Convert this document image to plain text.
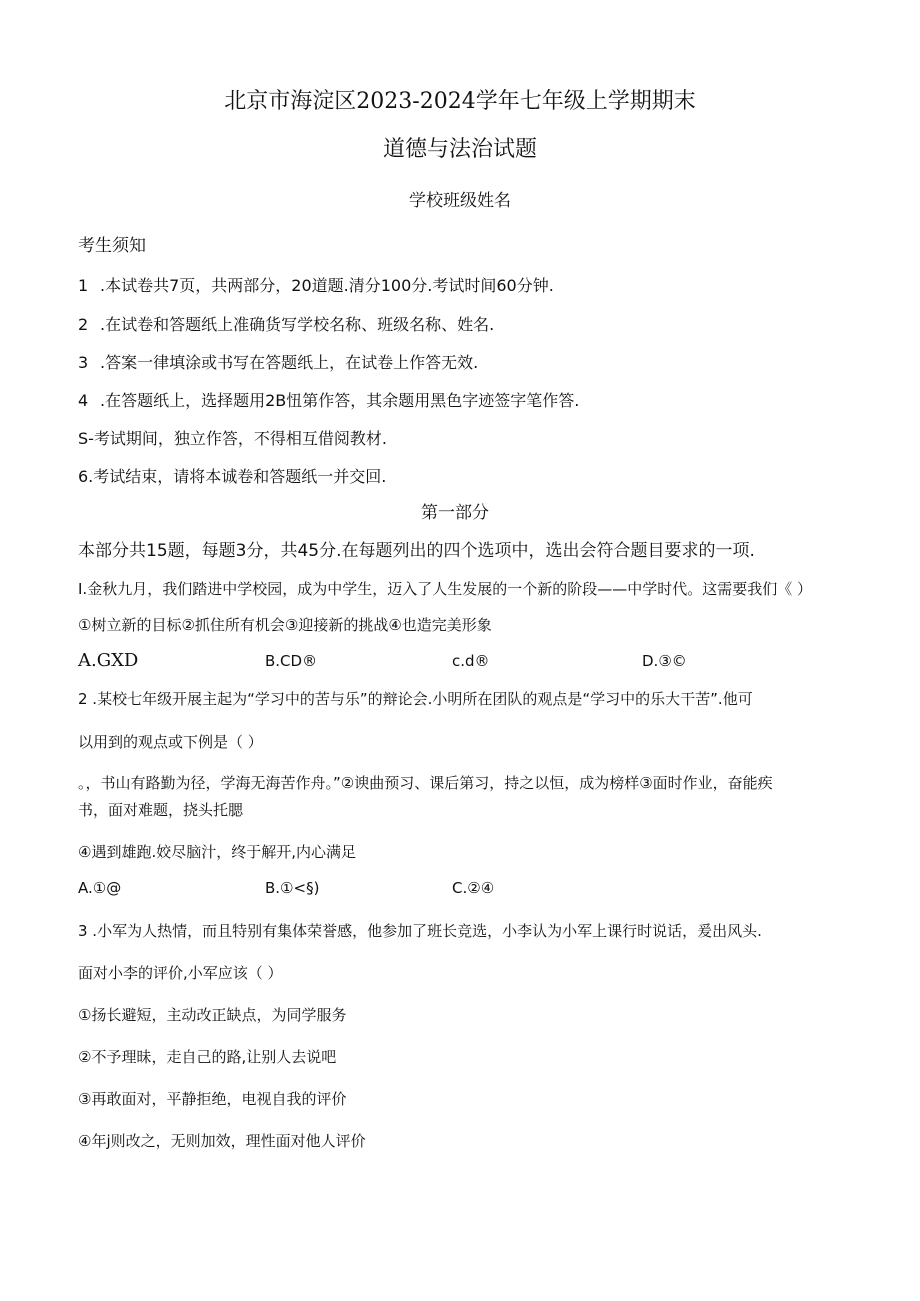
北京市海淀区2023-2024学年七年级上学期期末
道德与法治试题
学校班级姓名
考生须知
1 .本试卷共7页，共两部分，20道题.清分100分.考试时间60分钟.
2 .在试卷和答题纸上准确货写学校名称、班级名称、姓名.
3 .答案一律填涂或书写在答题纸上，在试卷上作答无效.
4 .在答题纸上，选择题用2B忸第作答，其余题用黑色字迹签字笔作答.
S-考试期间，独立作答，不得相互借阅教材.
6.考试结束，请将本诚卷和答题纸一并交回.
第一部分
本部分共15题，每题3分，共45分.在每题列出的四个选项中，选出会符合题目要求的一项.
I.金秋九月，我们踏进中学校园，成为中学生，迈入了人生发展的一个新的阶段——中学时代。这需要我们《 ）
①树立新的目标②抓住所有机会③迎接新的挑战④也造完美形象
A.GXD	B.CD®	c.d®	D.③©
2 .某校七年级开展主起为“学习中的苦与乐”的辩论会.小明所在团队的观点是“学习中的乐大干苦”.他可
以用到的观点或下例是（ ）
。，书山有路勤为径，学海无海苦作舟。”②谀曲预习、课后第习，持之以恒，成为榜样③面时作业，奋能疾
书，面对难题，挠头托腮
④遇到雄跑.姣尽脑汁，终于解开,内心满足
A.①@	B.①<§)	C.②④
3 .小军为人热情，而且特别有集体荣誉感，他参加了班长竞选，小李认为小军上课行时说话，爰出风头.
面对小李的评价,小军应该（ ）
①扬长避短，主动改正缺点，为同学服务
②不予理昧，走自己的路,让别人去说吧
③再敢面对，平静拒绝，电视自我的评价
④年j则改之，无则加效，理性面对他人评价
